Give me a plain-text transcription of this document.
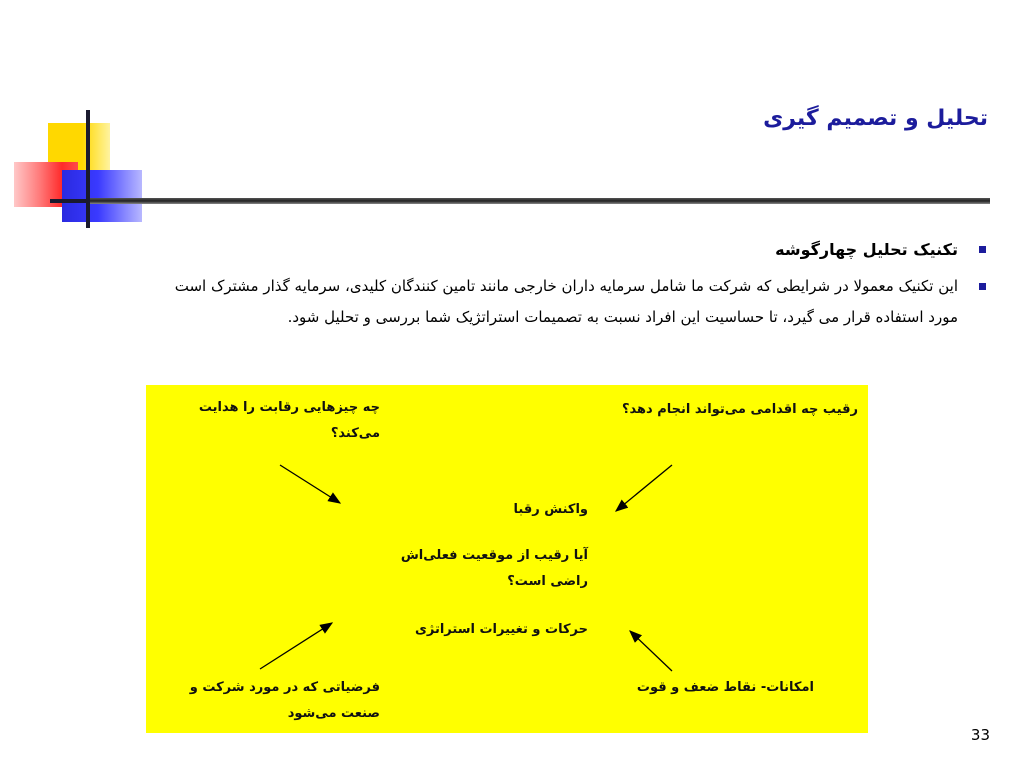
تحلیل و تصمیم گیری
تکنیک تحلیل چهارگوشه
این تکنیک معمولا در شرایطی که شرکت ما شامل سرمایه داران خارجی مانند تامین کنندگان کلیدی، سرمایه گذار مشترک است مورد استفاده قرار می گیرد، تا حساسیت این افراد نسبت به تصمیمات استراتژیک شما بررسی و تحلیل شود.
چه چیزهایی رقابت را هدایت می‌کند؟
رقیب چه اقدامی می‌تواند انجام دهد؟
واکنش رقبا
آیا رقیب از موقعیت فعلی‌اش راضی است؟
حرکات و تغییرات استراتژی
فرضیاتی که در مورد شرکت و صنعت می‌شود
امکانات- نقاط ضعف و قوت
33
